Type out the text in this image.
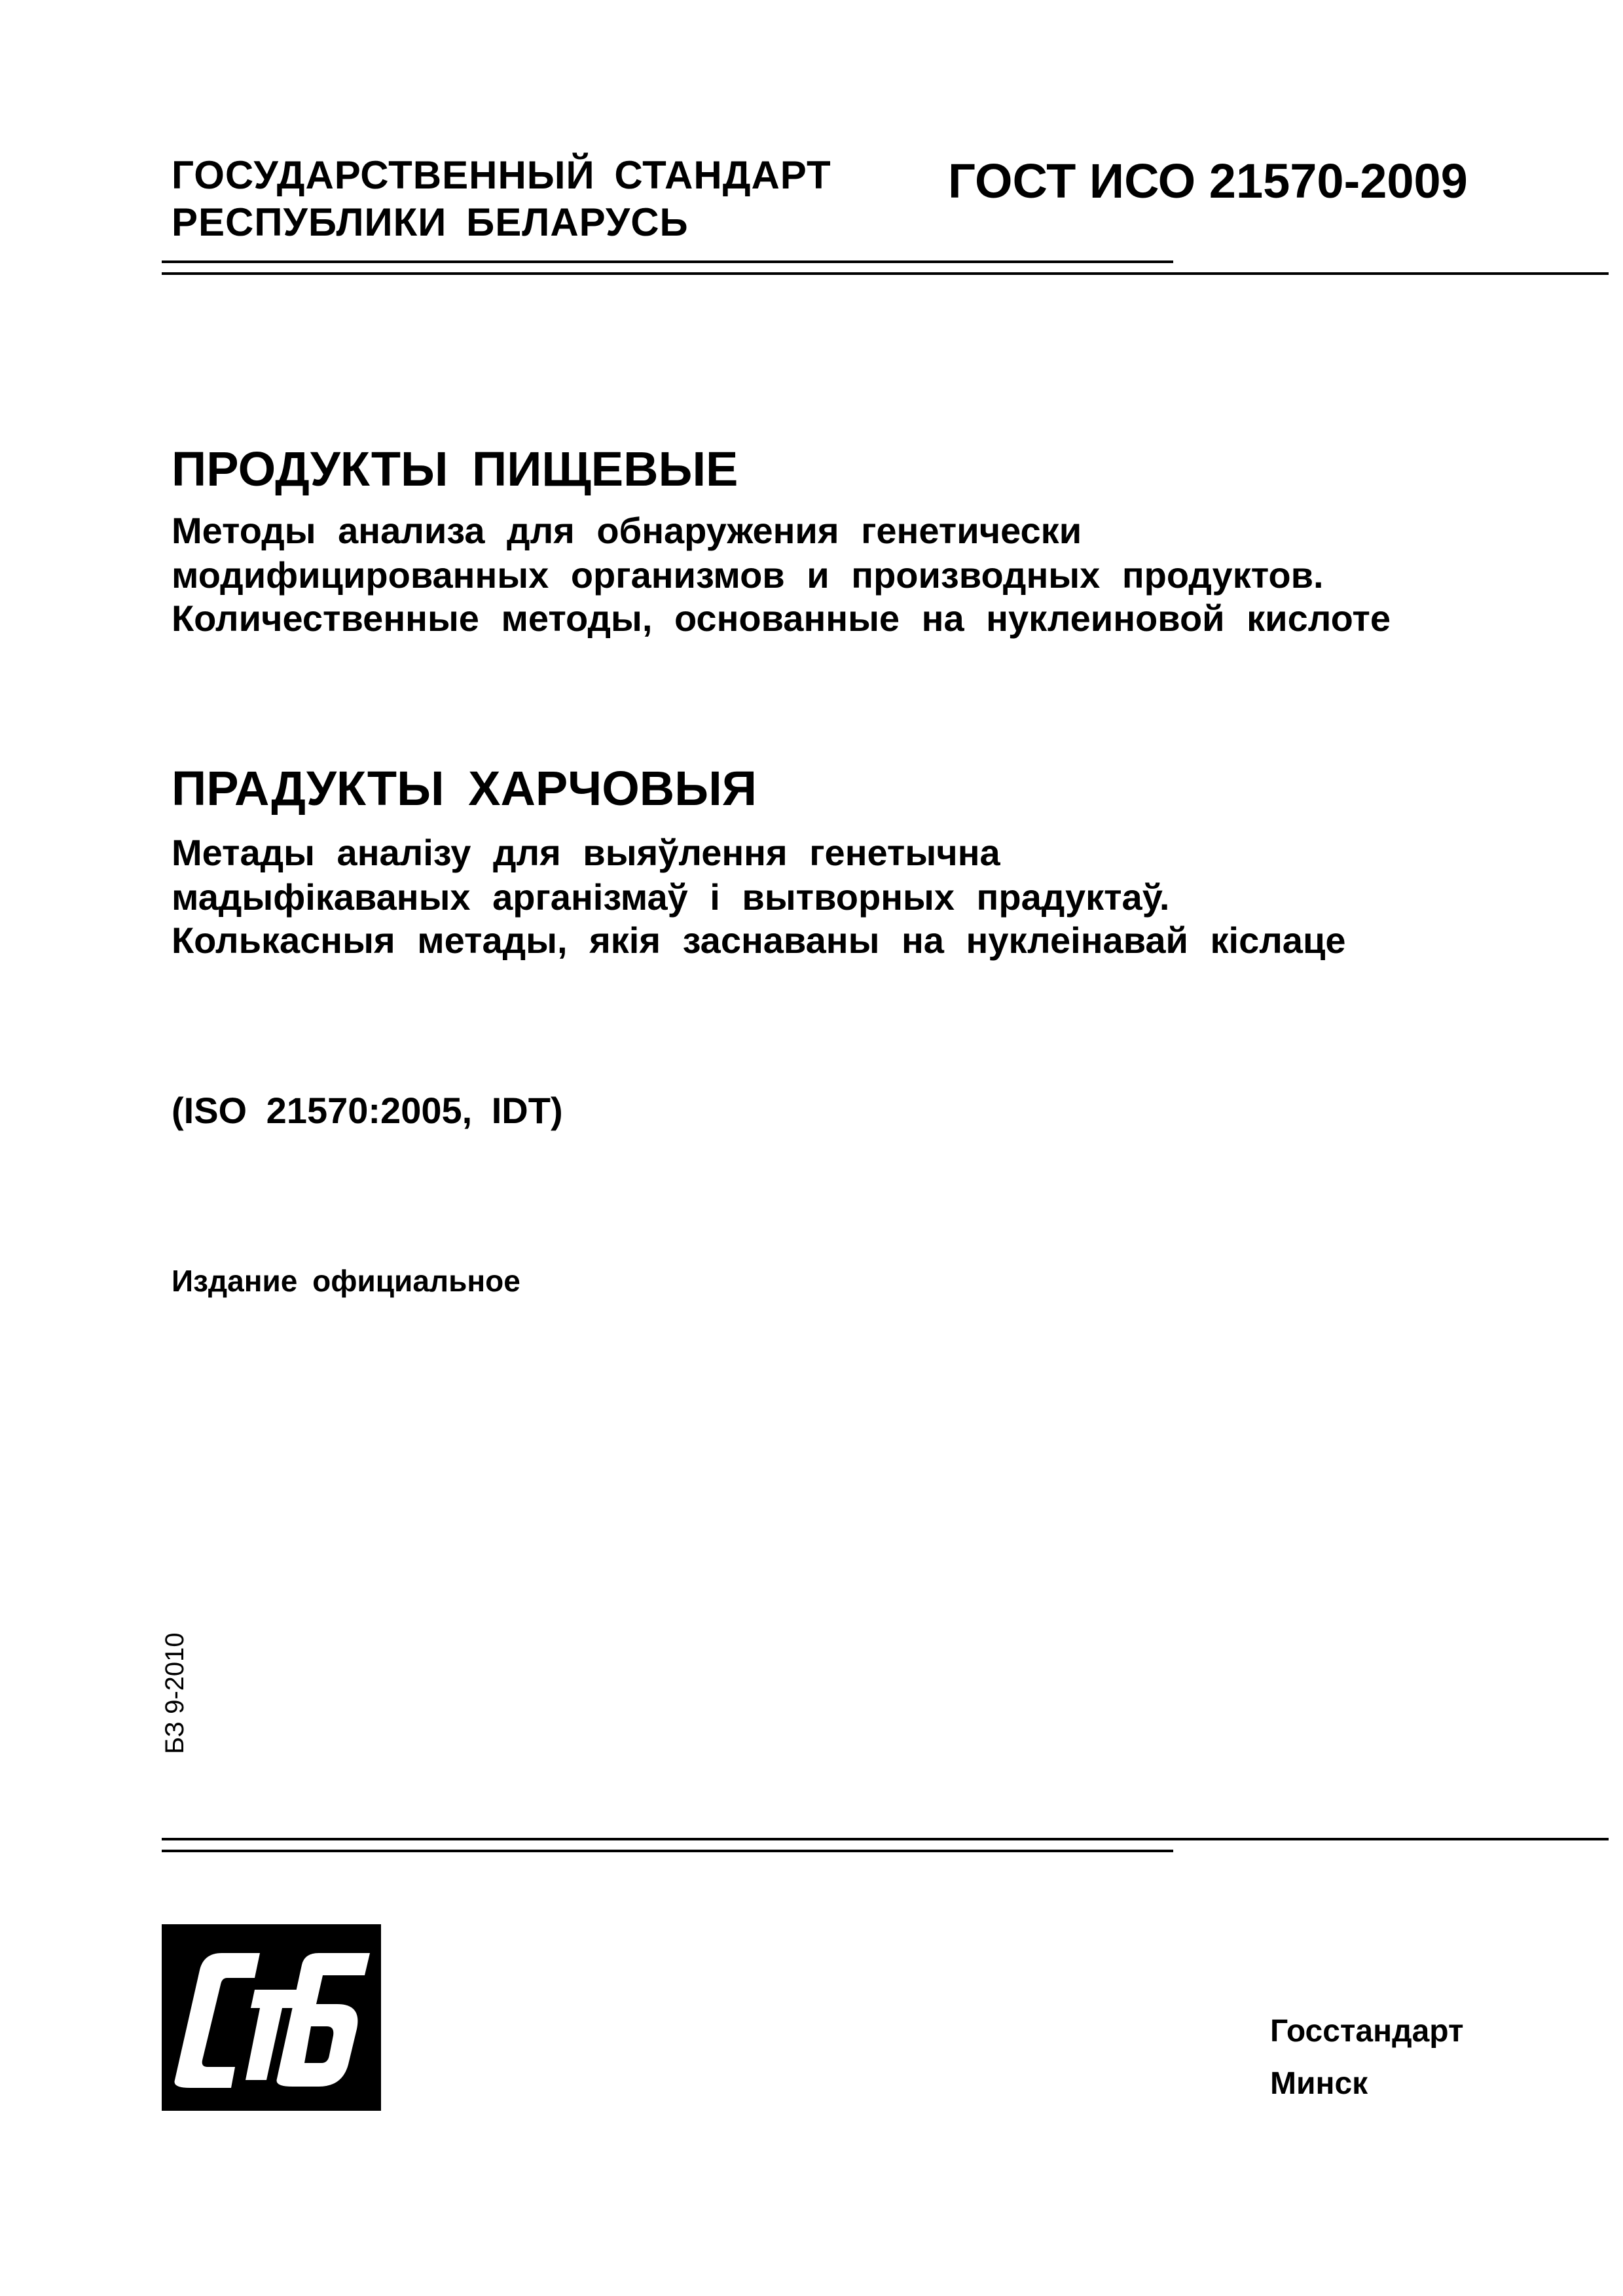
ГОСУДАРСТВЕННЫЙ СТАНДАРТ
РЕСПУБЛИКИ БЕЛАРУСЬ
ГОСТ ИСО 21570-2009
ПРОДУКТЫ ПИЩЕВЫЕ
Методы анализа для обнаружения генетически
модифицированных организмов и производных продуктов.
Количественные методы, основанные на нуклеиновой кислоте
ПРАДУКТЫ ХАРЧОВЫЯ
Метады аналізу для выяўлення генетычна
мадыфікаваных арганізмаў і вытворных прадуктаў.
Колькасныя метады, якія заснаваны на нуклеінавай кіслаце
(ISO 21570:2005, IDT)
Издание официальное
БЗ 9-2010
Госстандарт
Минск
